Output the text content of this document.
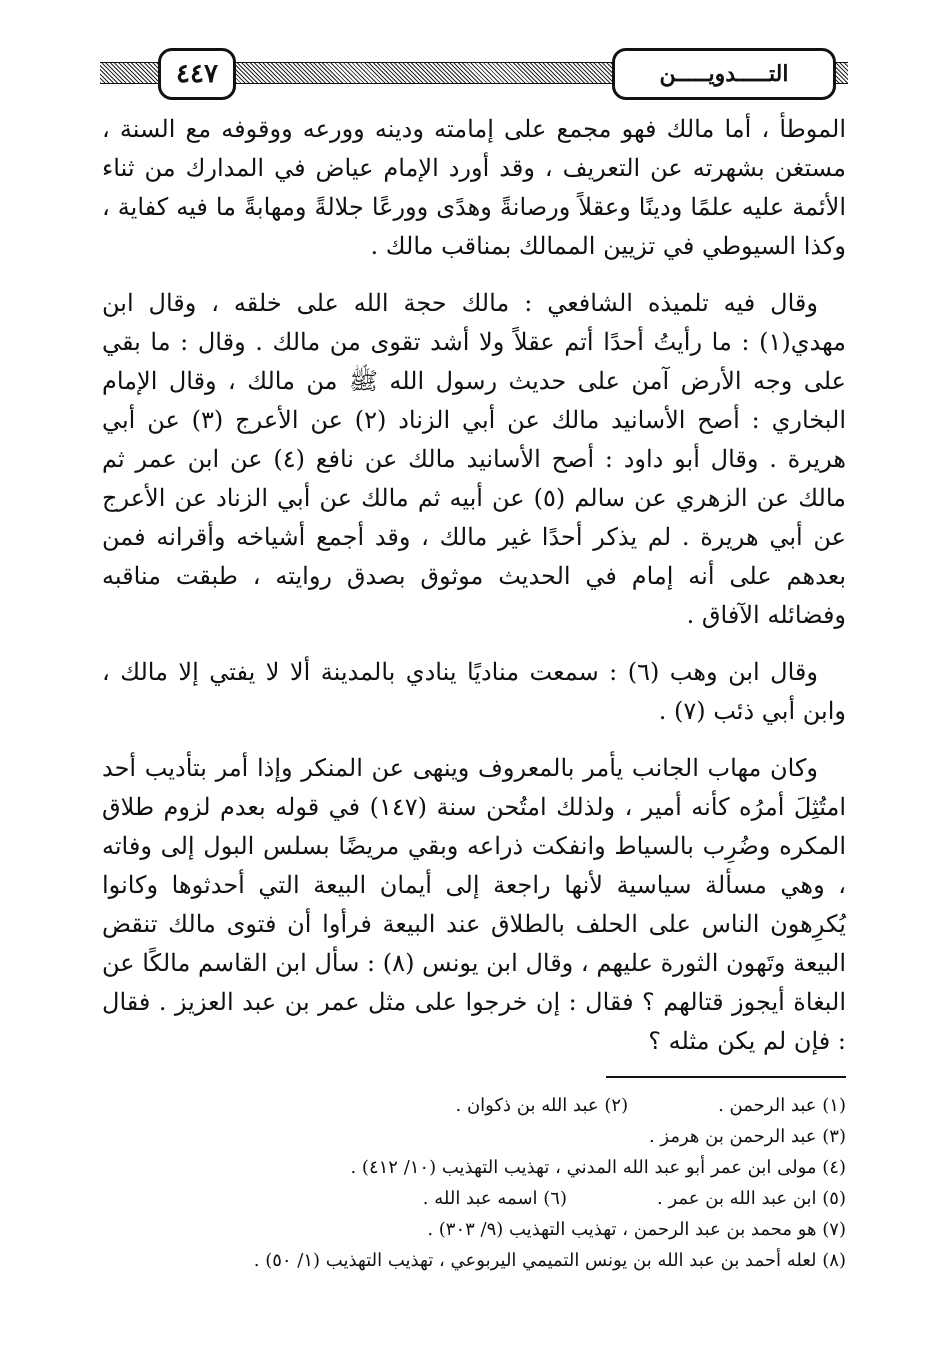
٤٤٧	التـــــدويـــــن

الموطأ ، أما مالك فهو مجمع على إمامته ودينه وورعه ووقوفه مع السنة ، مستغن بشهرته عن التعريف ، وقد أورد الإمام عياض في المدارك من ثناء الأئمة عليه علمًا ودينًا وعقلاً ورصانةً وهدًى وورعًا جلالةً ومهابةً ما فيه كفاية ، وكذا السيوطي في تزيين الممالك بمناقب مالك .

وقال فيه تلميذه الشافعي : مالك حجة الله على خلقه ، وقال ابن مهدي(١) : ما رأيتُ أحدًا أتم عقلاً ولا أشد تقوى من مالك . وقال : ما بقي على وجه الأرض آمن على حديث رسول الله ﷺ من مالك ، وقال الإمام البخاري : أصح الأسانيد مالك عن أبي الزناد (٢) عن الأعرج (٣) عن أبي هريرة . وقال أبو داود : أصح الأسانيد مالك عن نافع (٤) عن ابن عمر ثم مالك عن الزهري عن سالم (٥) عن أبيه ثم مالك عن أبي الزناد عن الأعرج عن أبي هريرة . لم يذكر أحدًا غير مالك ، وقد أجمع أشياخه وأقرانه فمن بعدهم على أنه إمام في الحديث موثوق بصدق روايته ، طبقت مناقبه وفضائله الآفاق .

وقال ابن وهب (٦) : سمعت مناديًا ينادي بالمدينة ألا لا يفتي إلا مالك ، وابن أبي ذئب (٧) .

وكان مهاب الجانب يأمر بالمعروف وينهى عن المنكر وإذا أمر بتأديب أحد امتُثِلَ أمرُه كأنه أمير ، ولذلك امتُحن سنة (١٤٧) في قوله بعدم لزوم طلاق المكره وضُرِب بالسياط وانفكت ذراعه وبقي مريضًا بسلس البول إلى وفاته ، وهي مسألة سياسية لأنها راجعة إلى أيمان البيعة التي أحدثوها وكانوا يُكرِهون الناس على الحلف بالطلاق عند البيعة فرأوا أن فتوى مالك تنقض البيعة وتَهون الثورة عليهم ، وقال ابن يونس (٨) : سأل ابن القاسم مالكًا عن البغاة أيجوز قتالهم ؟ فقال : إن خرجوا على مثل عمر بن عبد العزيز . فقال : فإن لم يكن مثله ؟

(١) عبد الرحمن .(٢) عبد الله بن ذكوان .
(٣) عبد الرحمن بن هرمز .
(٤) مولى ابن عمر أبو عبد الله المدني ، تهذيب التهذيب (١٠/ ٤١٢) .
(٥) ابن عبد الله بن عمر .(٦) اسمه عبد الله .
(٧) هو محمد بن عبد الرحمن ، تهذيب التهذيب (٩/ ٣٠٣) .
(٨) لعله أحمد بن عبد الله بن يونس التميمي اليربوعي ، تهذيب التهذيب (١/ ٥٠) .
